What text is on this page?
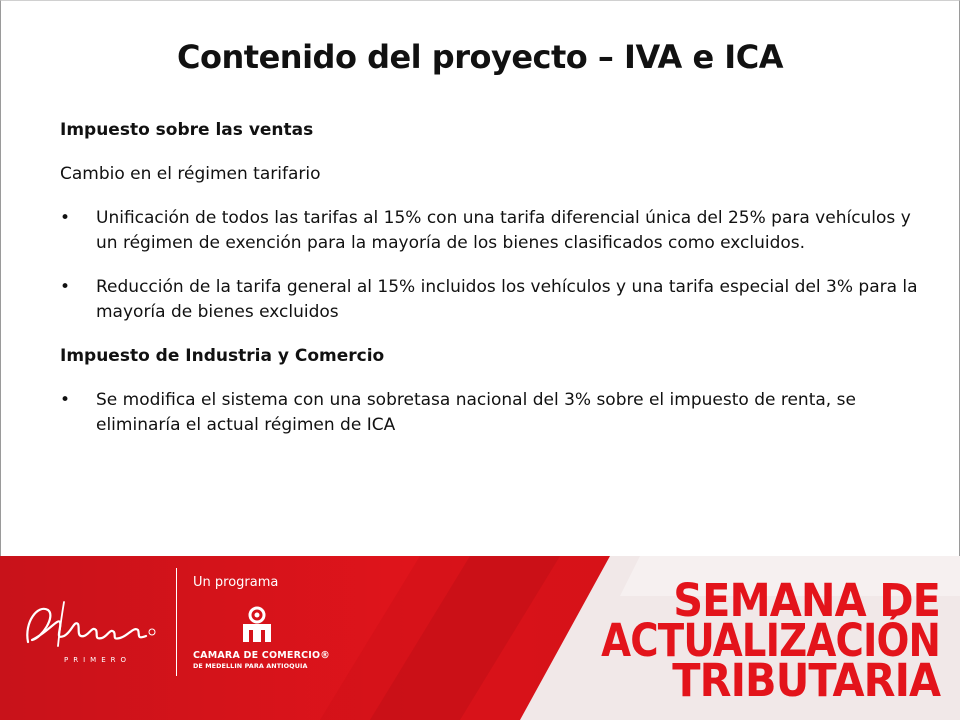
Contenido del proyecto – IVA e ICA

Impuesto sobre las ventas

Cambio en el régimen tarifario

• Unificación de todos las tarifas al 15% con una tarifa diferencial única del 25% para vehículos y un régimen de exención para la mayoría de los bienes clasificados como excluidos.
• Reducción de la tarifa general al 15% incluidos los vehículos y una tarifa especial del 3% para la mayoría de bienes excluidos

Impuesto de Industria y Comercio

• Se modifica el sistema con una sobretasa nacional del 3% sobre el impuesto de renta, se eliminaría el actual régimen de ICA
PRIMERO
Un programa
CAMARA DE COMERCIO®
DE MEDELLIN PARA ANTIOQUIA
SEMANA DE
ACTUALIZACIÓN
TRIBUTARIA
